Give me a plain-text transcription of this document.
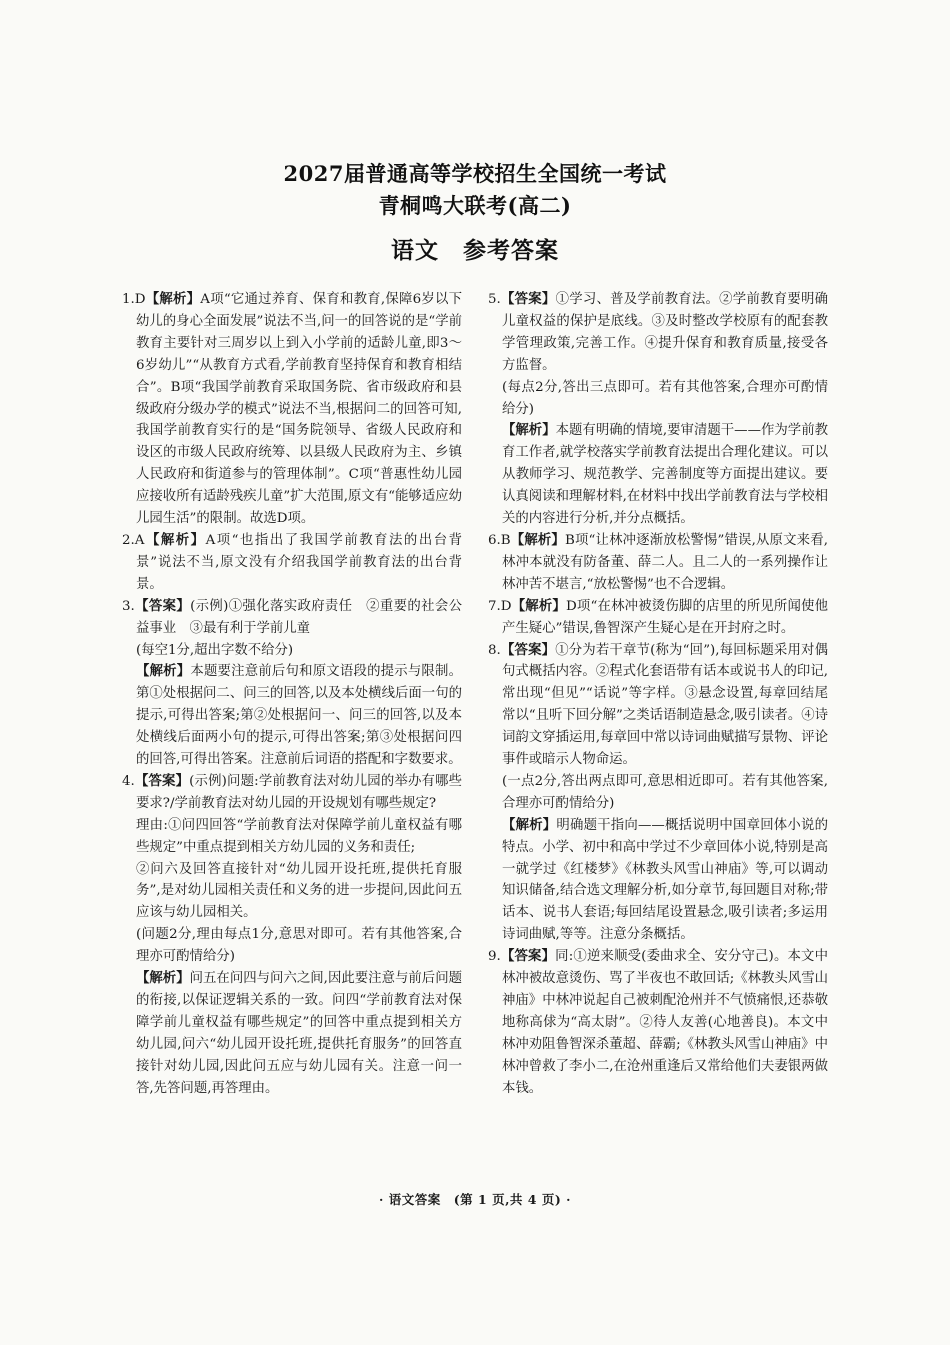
2027届普通高等学校招生全国统一考试
青桐鸣大联考(高二)
语文　参考答案

1.D【解析】A项“它通过养育、保育和教育,保障6岁以下幼儿的身心全面发展”说法不当,问一的回答说的是“学前教育主要针对三周岁以上到入小学前的适龄儿童,即3～6岁幼儿”“从教育方式看,学前教育坚持保育和教育相结合”。B项“我国学前教育采取国务院、省市级政府和县级政府分级办学的模式”说法不当,根据问二的回答可知,我国学前教育实行的是“国务院领导、省级人民政府和设区的市级人民政府统筹、以县级人民政府为主、乡镇人民政府和街道参与的管理体制”。C项“普惠性幼儿园应接收所有适龄残疾儿童”扩大范围,原文有“能够适应幼儿园生活”的限制。故选D项。

2.A【解析】A项“也指出了我国学前教育法的出台背景”说法不当,原文没有介绍我国学前教育法的出台背景。

3.【答案】(示例)①强化落实政府责任　②重要的社会公益事业　③最有利于学前儿童

(每空1分,超出字数不给分)

【解析】本题要注意前后句和原文语段的提示与限制。第①处根据问二、问三的回答,以及本处横线后面一句的提示,可得出答案;第②处根据问一、问三的回答,以及本处横线后面两小句的提示,可得出答案;第③处根据问四的回答,可得出答案。注意前后词语的搭配和字数要求。

4.【答案】(示例)问题:学前教育法对幼儿园的举办有哪些要求?/学前教育法对幼儿园的开设规划有哪些规定?

理由:①问四回答“学前教育法对保障学前儿童权益有哪些规定”中重点提到相关方幼儿园的义务和责任;

②问六及回答直接针对“幼儿园开设托班,提供托育服务”,是对幼儿园相关责任和义务的进一步提问,因此问五应该与幼儿园相关。

(问题2分,理由每点1分,意思对即可。若有其他答案,合理亦可酌情给分)

【解析】问五在问四与问六之间,因此要注意与前后问题的衔接,以保证逻辑关系的一致。问四“学前教育法对保障学前儿童权益有哪些规定”的回答中重点提到相关方幼儿园,问六“幼儿园开设托班,提供托育服务”的回答直接针对幼儿园,因此问五应与幼儿园有关。注意一问一答,先答问题,再答理由。

5.【答案】①学习、普及学前教育法。②学前教育要明确儿童权益的保护是底线。③及时整改学校原有的配套教学管理政策,完善工作。④提升保育和教育质量,接受各方监督。

(每点2分,答出三点即可。若有其他答案,合理亦可酌情给分)

【解析】本题有明确的情境,要审清题干——作为学前教育工作者,就学校落实学前教育法提出合理化建议。可以从教师学习、规范教学、完善制度等方面提出建议。要认真阅读和理解材料,在材料中找出学前教育法与学校相关的内容进行分析,并分点概括。

6.B【解析】B项“让林冲逐渐放松警惕”错误,从原文来看,林冲本就没有防备董、薛二人。且二人的一系列操作让林冲苦不堪言,“放松警惕”也不合逻辑。

7.D【解析】D项“在林冲被烫伤脚的店里的所见所闻使他产生疑心”错误,鲁智深产生疑心是在开封府之时。

8.【答案】①分为若干章节(称为“回”),每回标题采用对偶句式概括内容。②程式化套语带有话本或说书人的印记,常出现“但见”“话说”等字样。③悬念设置,每章回结尾常以“且听下回分解”之类话语制造悬念,吸引读者。④诗词韵文穿插运用,每章回中常以诗词曲赋描写景物、评论事件或暗示人物命运。

(一点2分,答出两点即可,意思相近即可。若有其他答案,合理亦可酌情给分)

【解析】明确题干指向——概括说明中国章回体小说的特点。小学、初中和高中学过不少章回体小说,特别是高一就学过《红楼梦》《林教头风雪山神庙》等,可以调动知识储备,结合选文理解分析,如分章节,每回题目对称;带话本、说书人套语;每回结尾设置悬念,吸引读者;多运用诗词曲赋,等等。注意分条概括。

9.【答案】同:①逆来顺受(委曲求全、安分守己)。本文中林冲被故意烫伤、骂了半夜也不敢回话;《林教头风雪山神庙》中林冲说起自己被刺配沧州并不气愤痛恨,还恭敬地称高俅为“高太尉”。②待人友善(心地善良)。本文中林冲劝阻鲁智深杀董超、薛霸;《林教头风雪山神庙》中林冲曾救了李小二,在沧州重逢后又常给他们夫妻银两做本钱。

· 语文答案　(第 1 页,共 4 页) ·
